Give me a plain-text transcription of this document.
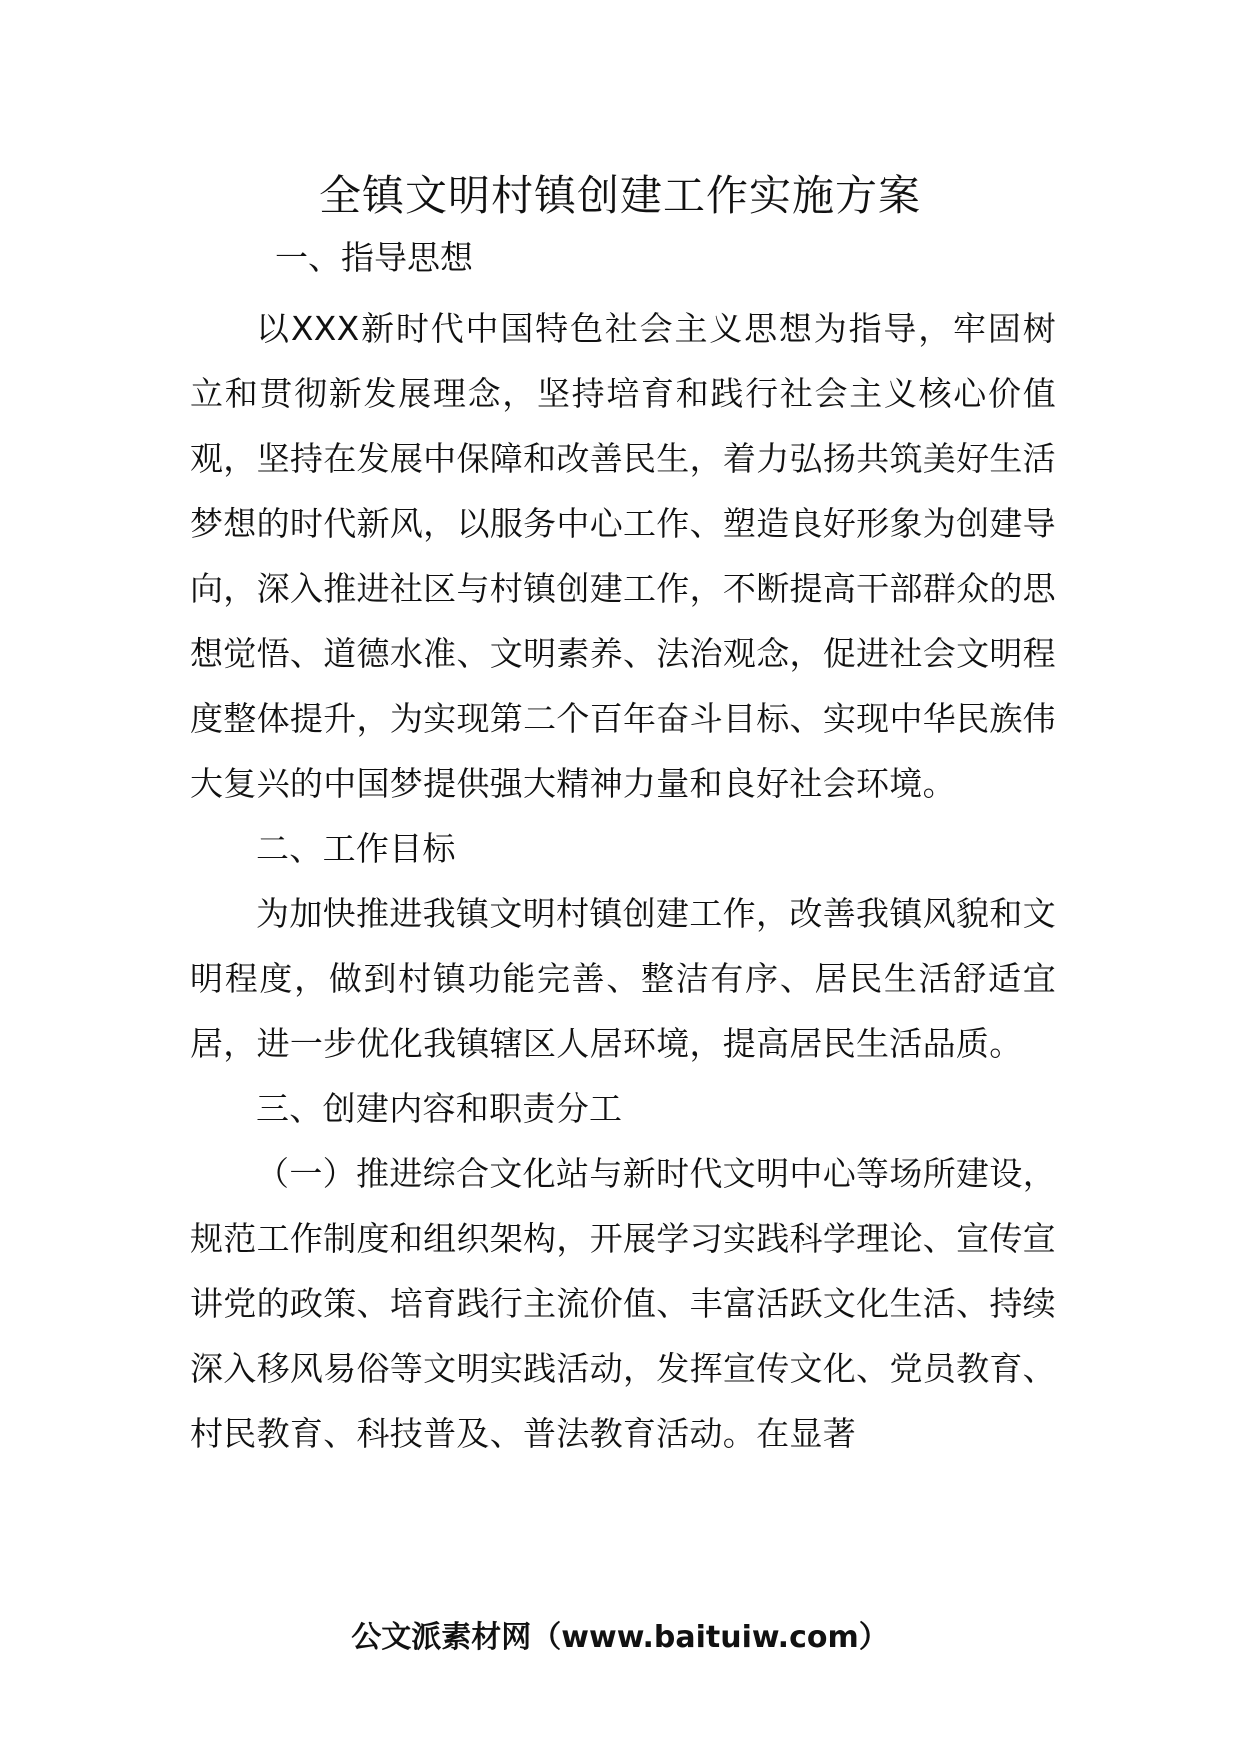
全镇文明村镇创建工作实施方案
一、指导思想

以XXX新时代中国特色社会主义思想为指导，牢固树立和贯彻新发展理念，坚持培育和践行社会主义核心价值观，坚持在发展中保障和改善民生，着力弘扬共筑美好生活梦想的时代新风，以服务中心工作、塑造良好形象为创建导向，深入推进社区与村镇创建工作，不断提高干部群众的思想觉悟、道德水准、文明素养、法治观念，促进社会文明程度整体提升，为实现第二个百年奋斗目标、实现中华民族伟大复兴的中国梦提供强大精神力量和良好社会环境。

二、工作目标

为加快推进我镇文明村镇创建工作，改善我镇风貌和文明程度，做到村镇功能完善、整洁有序、居民生活舒适宜居，进一步优化我镇辖区人居环境，提高居民生活品质。

三、创建内容和职责分工

（一）推进综合文化站与新时代文明中心等场所建设，规范工作制度和组织架构，开展学习实践科学理论、宣传宣讲党的政策、培育践行主流价值、丰富活跃文化生活、持续深入移风易俗等文明实践活动，发挥宣传文化、党员教育、村民教育、科技普及、普法教育活动。在显著

公文派素材网（www.baituiw.com）
